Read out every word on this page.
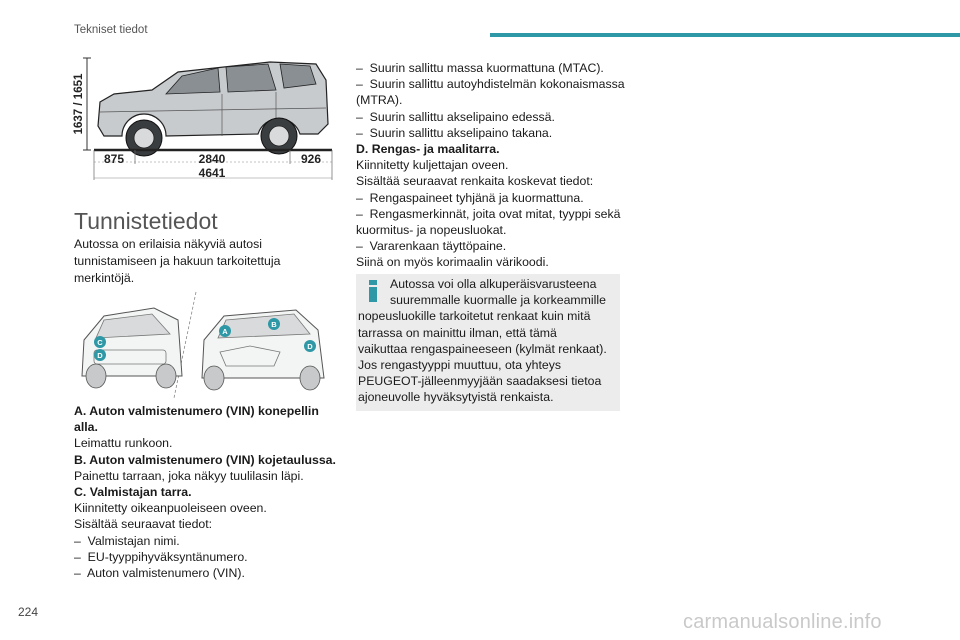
Tekniset tiedot
1637 / 1651
875	2840	926
4641
Tunnistetiedot
Autossa on erilaisia näkyviä autosi
tunnistamiseen ja hakuun tarkoitettuja
merkintöjä.
C
D
A
B
D
A. Auton valmistenumero (VIN) konepellin
alla.
Leimattu runkoon.
B. Auton valmistenumero (VIN) kojetaulussa.
Painettu tarraan, joka näkyy tuulilasin läpi.
C. Valmistajan tarra.
Kiinnitetty oikeanpuoleiseen oveen.
Sisältää seuraavat tiedot:
–  Valmistajan nimi.
–  EU-tyyppihyväksyntänumero.
–  Auton valmistenumero (VIN).
–  Suurin sallittu massa kuormattuna (MTAC).
–  Suurin sallittu autoyhdistelmän kokonaismassa
(MTRA).
–  Suurin sallittu akselipaino edessä.
–  Suurin sallittu akselipaino takana.
D. Rengas- ja maalitarra.
Kiinnitetty kuljettajan oveen.
Sisältää seuraavat renkaita koskevat tiedot:
–  Rengaspaineet tyhjänä ja kuormattuna.
–  Rengasmerkinnät, joita ovat mitat, tyyppi sekä
kuormitus- ja nopeusluokat.
–  Vararenkaan täyttöpaine.
Siinä on myös korimaalin värikoodi.
Autossa voi olla alkuperäisvarusteena
suuremmalle kuormalle ja korkeammille
nopeusluokille tarkoitetut renkaat kuin mitä
tarrassa on mainittu ilman, että tämä
vaikuttaa rengaspaineeseen (kylmät renkaat).
Jos rengastyyppi muuttuu, ota yhteys
PEUGEOT-jälleenmyyjään saadaksesi tietoa
ajoneuvolle hyväksytyistä renkaista.
224	carmanualsonline.info
